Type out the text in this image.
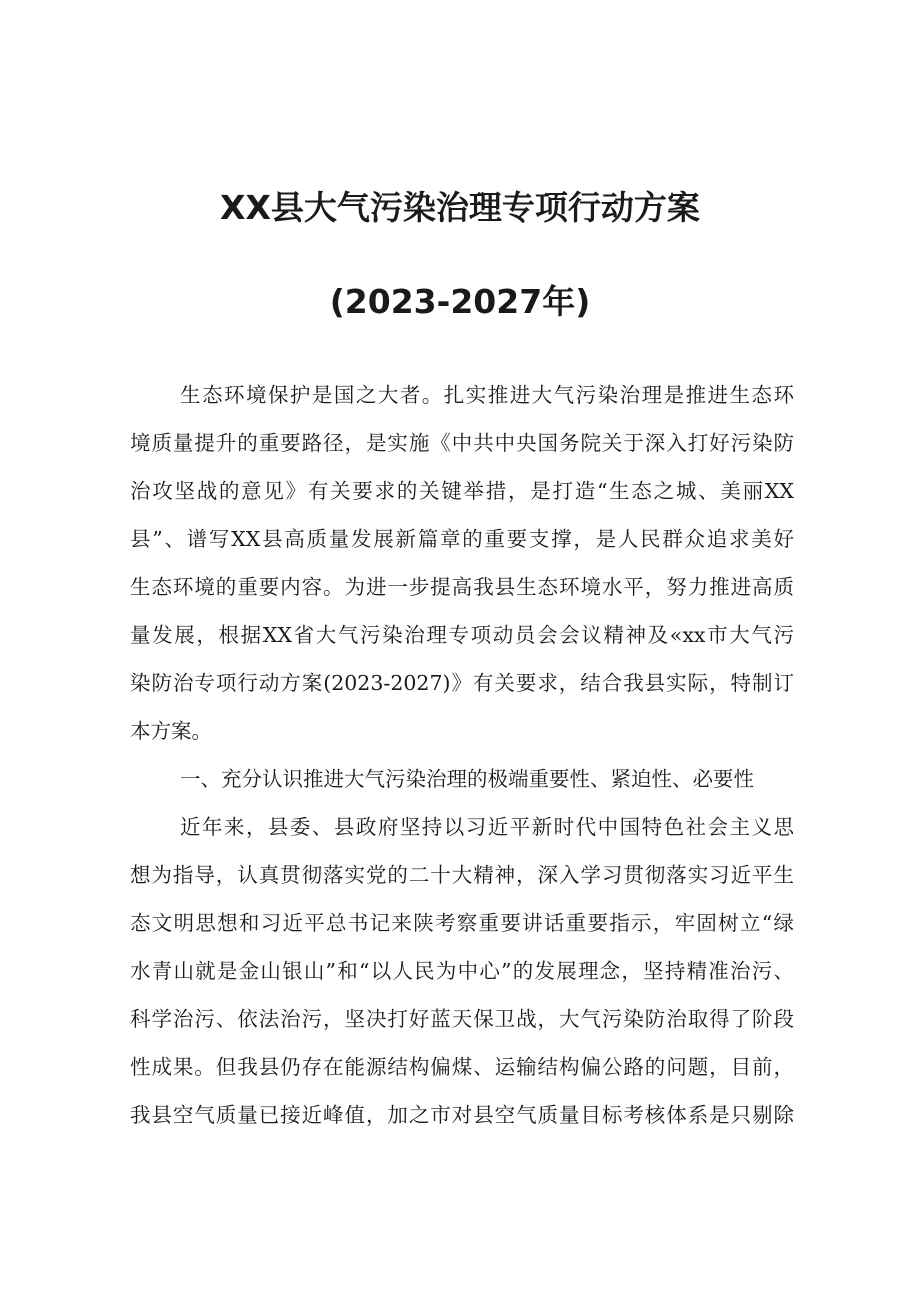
XX县大气污染治理专项行动方案
(2023-2027年)

生态环境保护是国之大者。扎实推进大气污染治理是推进生态环

境质量提升的重要路径，是实施《中共中央国务院关于深入打好污染防

治攻坚战的意见》有关要求的关键举措，是打造“生态之城、美丽XX

县”、谱写XX县高质量发展新篇章的重要支撑，是人民群众追求美好

生态环境的重要内容。为进一步提高我县生态环境水平，努力推进高质

量发展，根据XX省大气污染治理专项动员会会议精神及«xx市大气污

染防治专项行动方案(2023-2027)》有关要求，结合我县实际，特制订

本方案。

一、充分认识推进大气污染治理的极端重要性、紧迫性、必要性

近年来，县委、县政府坚持以习近平新时代中国特色社会主义思

想为指导，认真贯彻落实党的二十大精神，深入学习贯彻落实习近平生

态文明思想和习近平总书记来陕考察重要讲话重要指示，牢固树立“绿

水青山就是金山银山”和“以人民为中心”的发展理念，坚持精准治污、

科学治污、依法治污，坚决打好蓝天保卫战，大气污染防治取得了阶段

性成果。但我县仍存在能源结构偏煤、运输结构偏公路的问题，目前，

我县空气质量已接近峰值，加之市对县空气质量目标考核体系是只剔除
